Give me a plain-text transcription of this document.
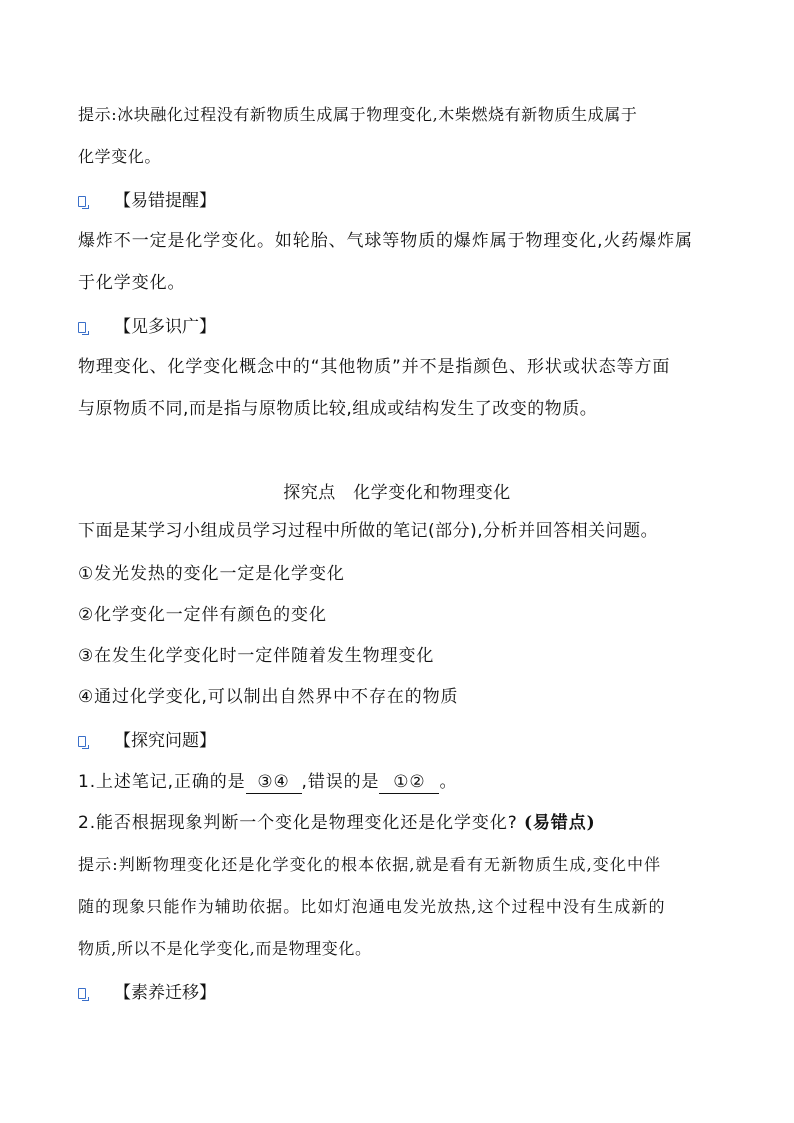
提示:冰块融化过程没有新物质生成属于物理变化,木柴燃烧有新物质生成属于
化学变化。
【易错提醒】
爆炸不一定是化学变化。如轮胎、气球等物质的爆炸属于物理变化,火药爆炸属
于化学变化。
【见多识广】
物理变化、化学变化概念中的“其他物质”并不是指颜色、形状或状态等方面
与原物质不同,而是指与原物质比较,组成或结构发生了改变的物质。
探究点　化学变化和物理变化
下面是某学习小组成员学习过程中所做的笔记(部分),分析并回答相关问题。
①发光发热的变化一定是化学变化
②化学变化一定伴有颜色的变化
③在发生化学变化时一定伴随着发生物理变化
④通过化学变化,可以制出自然界中不存在的物质
【探究问题】
1.上述笔记,正确的是 ③④ ,错误的是 ①② 。
2.能否根据现象判断一个变化是物理变化还是化学变化? (易错点)
提示:判断物理变化还是化学变化的根本依据,就是看有无新物质生成,变化中伴
随的现象只能作为辅助依据。比如灯泡通电发光放热,这个过程中没有生成新的
物质,所以不是化学变化,而是物理变化。
【素养迁移】
